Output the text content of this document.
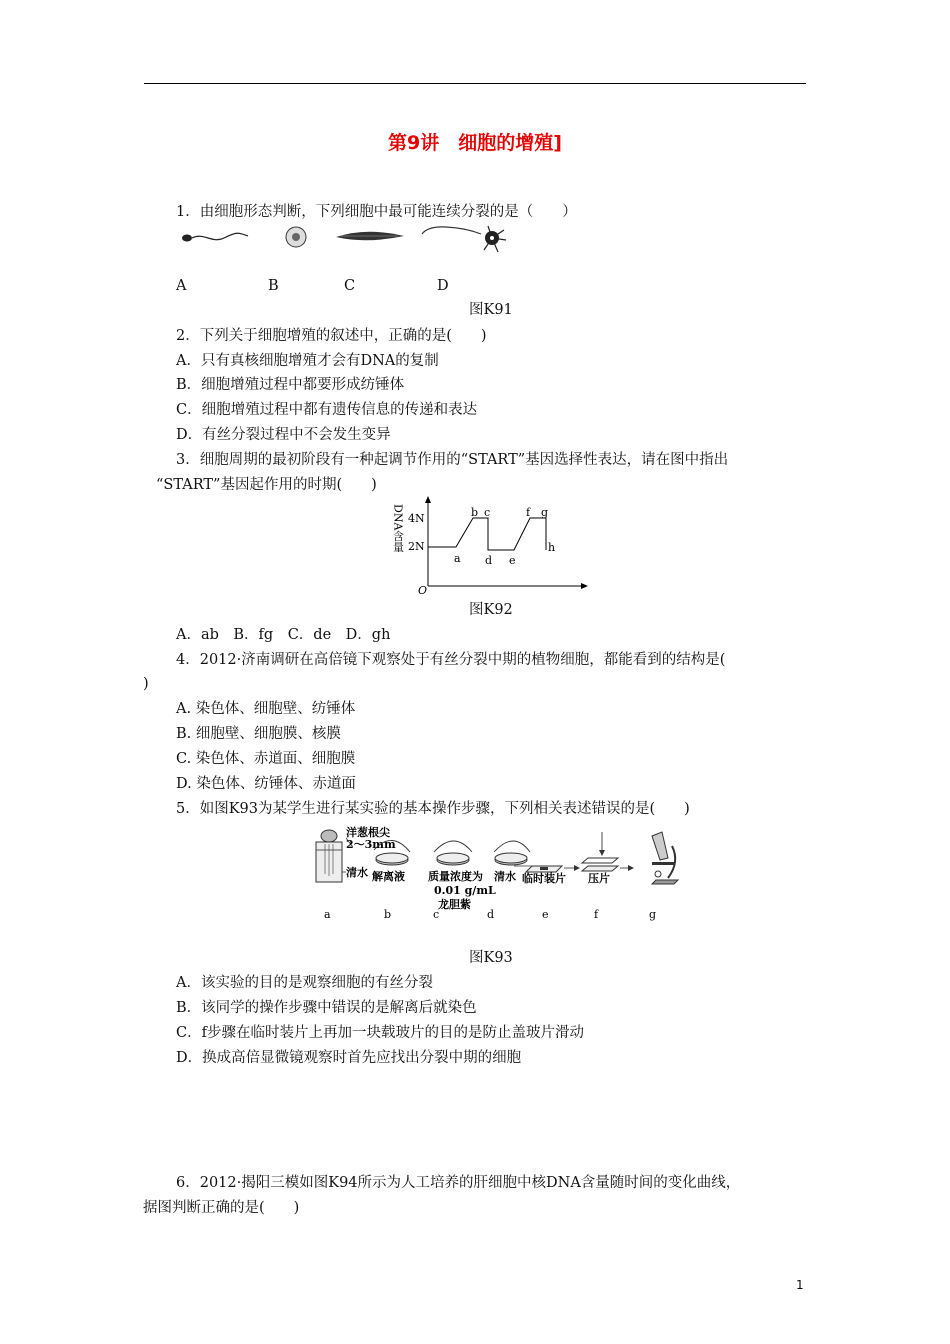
第9讲　细胞的增殖]
1．由细胞形态判断，下列细胞中最可能连续分裂的是（　　）
A	B	C	D
图K91
2．下列关于细胞增殖的叙述中，正确的是(　　)
A．只有真核细胞增殖才会有DNA的复制
B．细胞增殖过程中都要形成纺锤体
C．细胞增殖过程中都有遗传信息的传递和表达
D．有丝分裂过程中不会发生变异
3．细胞周期的最初阶段有一种起调节作用的“START”基因选择性表达，请在图中指出
“START”基因起作用的时期(　　)
DNA含量
O
4N
2N
a
b c
d e
f g
h
图K92
A．ab　B．fg　C．de　D．gh
4．2012·济南调研在高倍镜下观察处于有丝分裂中期的植物细胞，都能看到的结构是(
)
A. 染色体、细胞壁、纺锤体
B. 细胞壁、细胞膜、核膜
C. 染色体、赤道面、细胞膜
D. 染色体、纺锤体、赤道面
5．如图K93为某学生进行某实验的基本操作步骤，下列相关表述错误的是(　　)
洋葱根尖
2～3mm
清水 解离液 质量浓度为
0.01 g/mL
龙胆紫
清水 临时装片 压片
a	b	c	d	e	f	g
图K93
A．该实验的目的是观察细胞的有丝分裂
B．该同学的操作步骤中错误的是解离后就染色
C．f步骤在临时装片上再加一块载玻片的目的是防止盖玻片滑动
D．换成高倍显微镜观察时首先应找出分裂中期的细胞
6．2012·揭阳三模如图K94所示为人工培养的肝细胞中核DNA含量随时间的变化曲线，
据图判断正确的是(　　)
1
